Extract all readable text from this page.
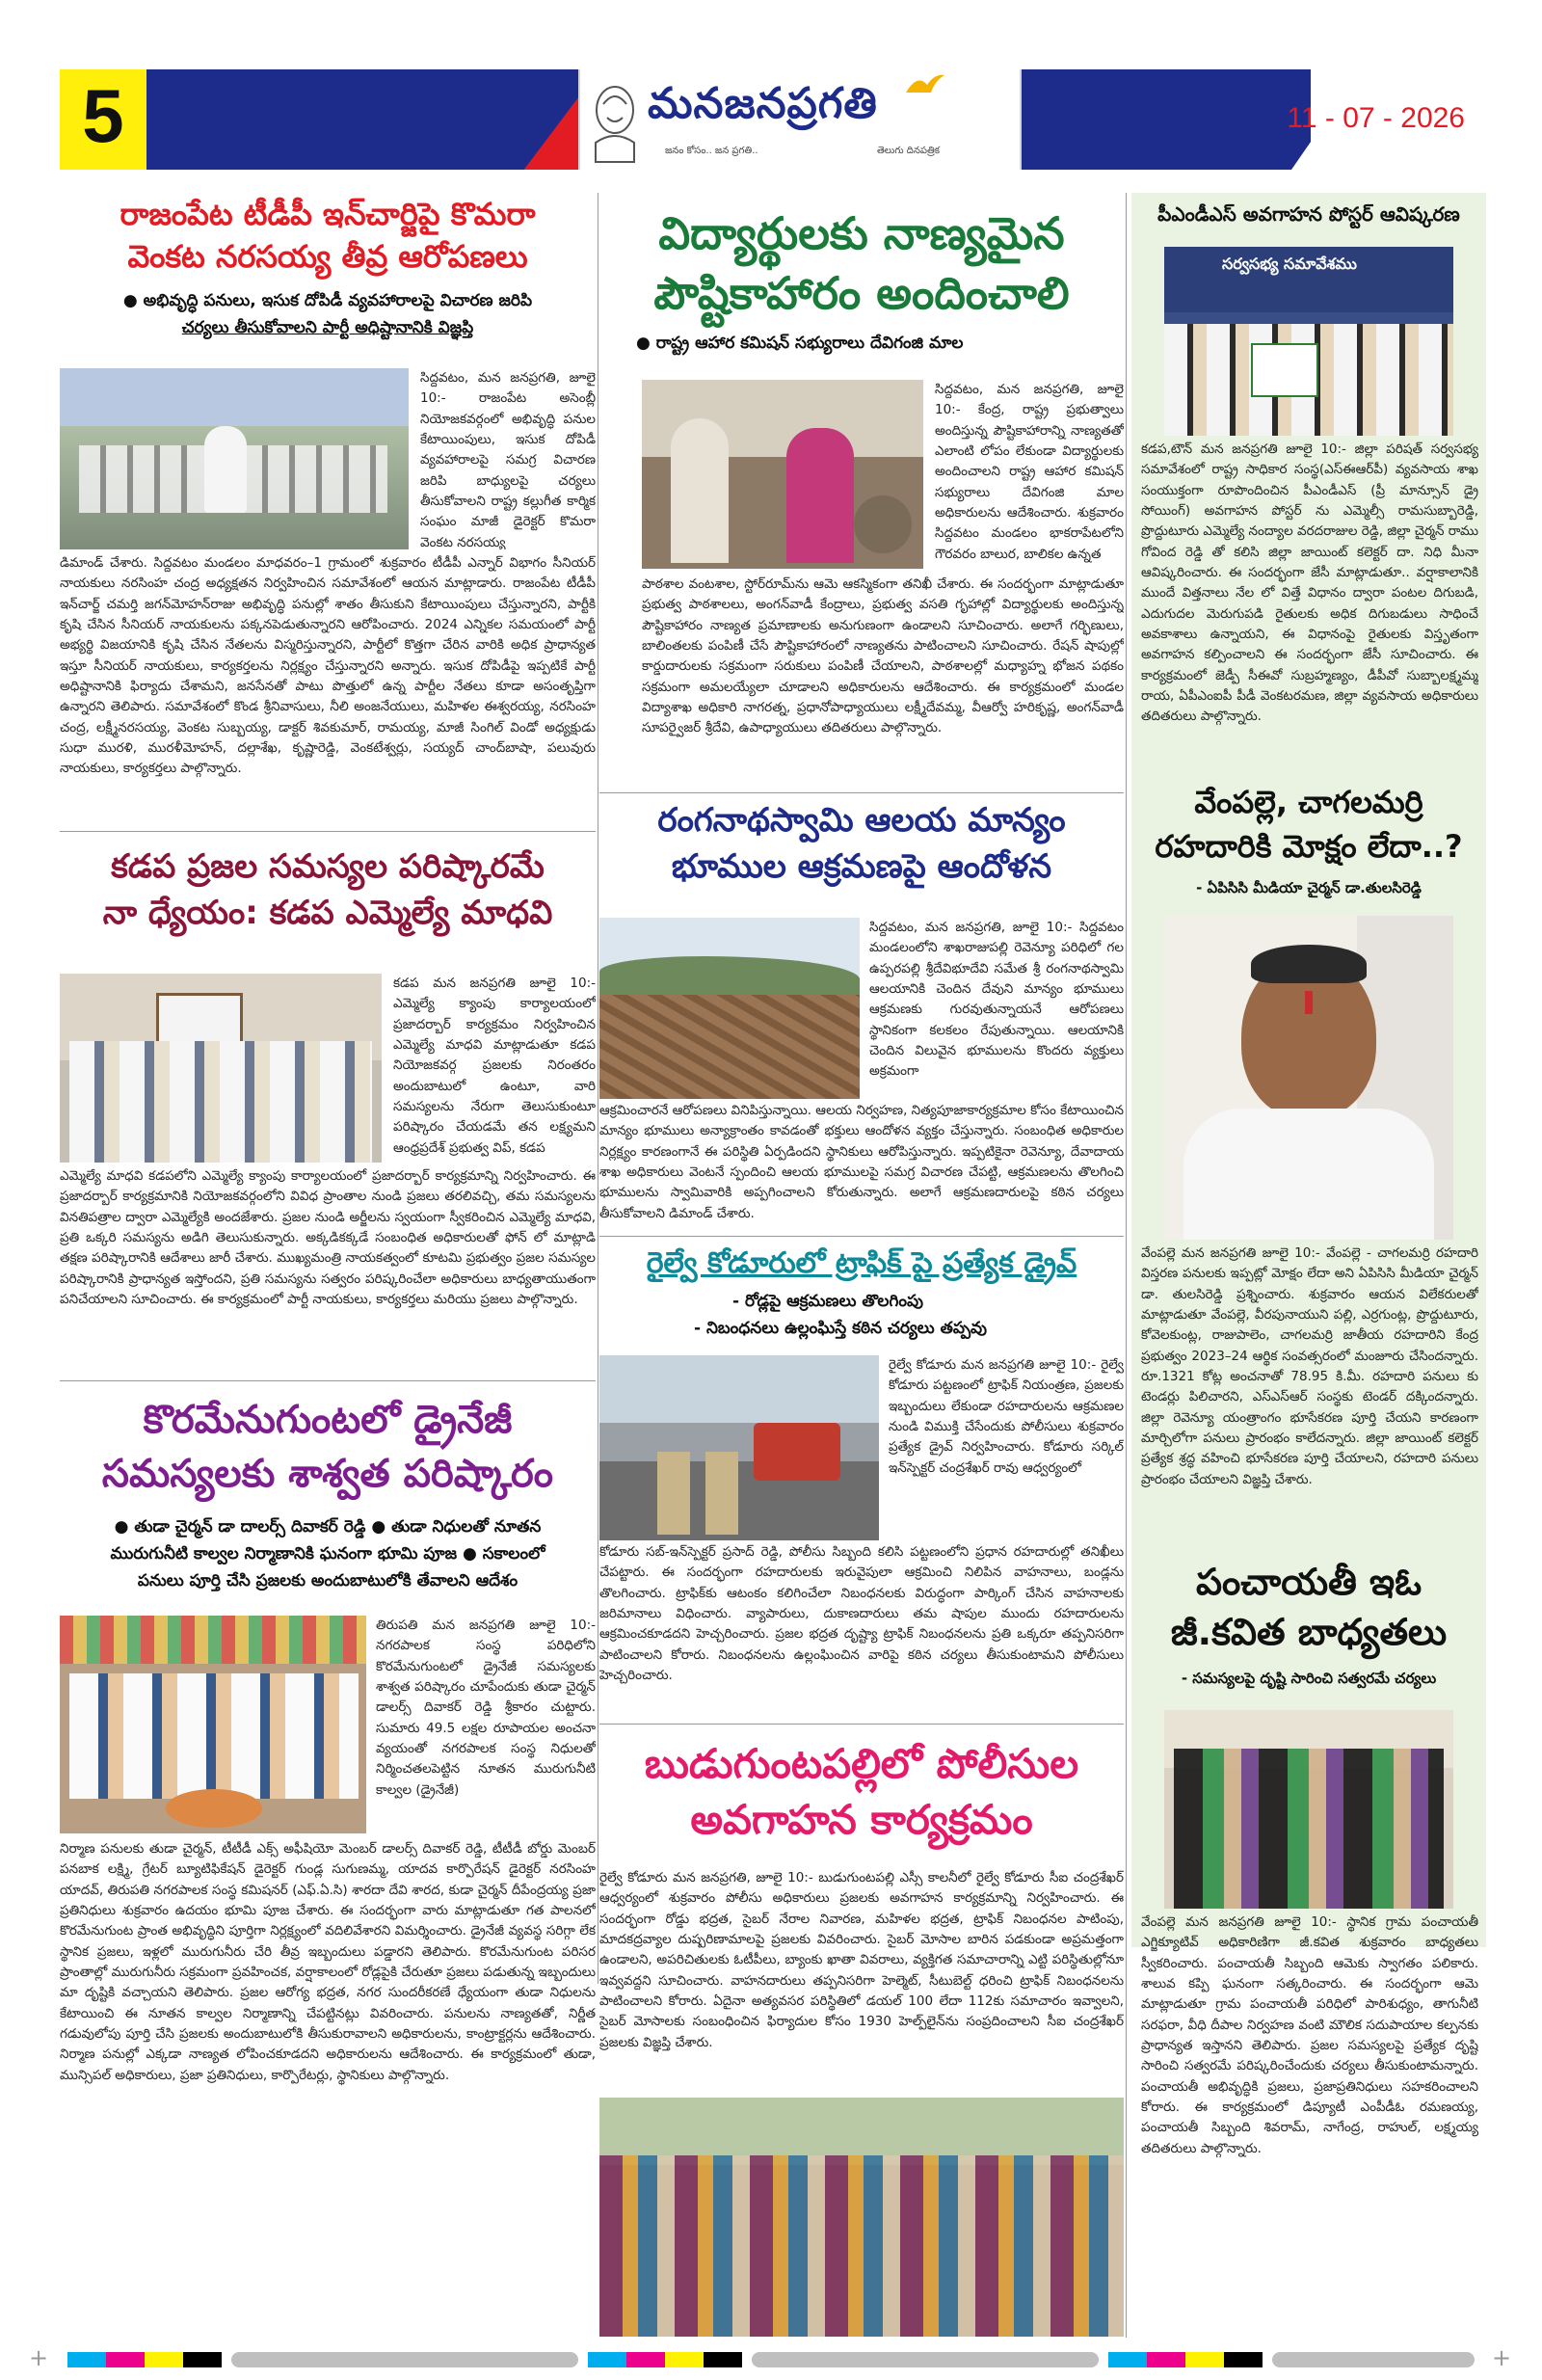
5	మనజనప్రగతి
జనం కోసం.. జన ప్రగతి..	తెలుగు దినపత్రిక
11 - 07 - 2026
రాజంపేట టీడీపీ ఇన్‌చార్జిపై కొమరా
వెంకట నరసయ్య తీవ్ర ఆరోపణలు
● అభివృద్ధి పనులు, ఇసుక దోపిడీ వ్యవహారాలపై విచారణ జరిపి
చర్యలు తీసుకోవాలని పార్టీ అధిష్టానానికి విజ్ఞప్తి
సిద్దవటం, మన జనప్రగతి, జూలై 10:- రాజంపేట అసెంబ్లీ నియోజకవర్గంలో అభివృద్ధి పనుల కేటాయింపులు, ఇసుక దోపిడీ వ్యవహారాలపై సమగ్ర విచారణ జరిపి బాధ్యులపై చర్యలు తీసుకోవాలని రాష్ట్ర కల్లుగీత కార్మిక సంఘం మాజీ డైరెక్టర్ కొమరా వెంకట నరసయ్య
డిమాండ్ చేశారు. సిద్దవటం మండలం మాధవరం–1 గ్రామంలో శుక్రవారం టీడీపీ ఎన్నార్ విభాగం సీనియర్ నాయకులు నరసింహ చంద్ర అధ్యక్షతన నిర్వహించిన సమావేశంలో ఆయన మాట్లాడారు. రాజంపేట టీడీపీ ఇన్‌చార్జ్ చమర్తి జగన్‌మోహన్‌రాజు అభివృద్ధి పనుల్లో శాతం తీసుకుని కేటాయింపులు చేస్తున్నారని, పార్టీకి కృషి చేసిన సీనియర్ నాయకులను పక్కనపెడుతున్నారని ఆరోపించారు. 2024 ఎన్నికల సమయంలో పార్టీ అభ్యర్థి విజయానికి కృషి చేసిన నేతలను విస్మరిస్తున్నారని, పార్టీలో కొత్తగా చేరిన వారికి అధిక ప్రాధాన్యత ఇస్తూ సీనియర్ నాయకులు, కార్యకర్తలను నిర్లక్ష్యం చేస్తున్నారని అన్నారు. ఇసుక దోపిడీపై ఇప్పటికే పార్టీ అధిష్టానానికి ఫిర్యాదు చేశామని, జనసేనతో పాటు పొత్తులో ఉన్న పార్టీల నేతలు కూడా అసంతృప్తిగా ఉన్నారని తెలిపారు. సమావేశంలో కొండ శ్రీనివాసులు, నీలి అంజనేయులు, మహిళల ఈశ్వరయ్య, నరసింహ చంద్ర, లక్ష్మీనరసయ్య, వెంకట సుబ్బయ్య, డాక్టర్ శివకుమార్, రామయ్య, మాజీ సింగిల్ విండో అధ్యక్షుడు సుధా మురళి, మురళీమోహన్, దల్లాశేఖ, కృష్ణారెడ్డి, వెంకటేశ్వర్లు, సయ్యద్ చాంద్‌బాషా, పలువురు నాయకులు, కార్యకర్తలు పాల్గొన్నారు.
కడప ప్రజల సమస్యల పరిష్కారమే
నా ధ్యేయం: కడప ఎమ్మెల్యే మాధవి
కడప మన జనప్రగతి జూలై 10:- ఎమ్మెల్యే క్యాంపు కార్యాలయంలో ప్రజాదర్బార్ కార్యక్రమం నిర్వహించిన ఎమ్మెల్యే మాధవి మాట్లాడుతూ కడప నియోజకవర్గ ప్రజలకు నిరంతరం అందుబాటులో ఉంటూ, వారి సమస్యలను నేరుగా తెలుసుకుంటూ పరిష్కారం చేయడమే తన లక్ష్యమని ఆంధ్రప్రదేశ్ ప్రభుత్వ విప్, కడప
ఎమ్మెల్యే మాధవి కడపలోని ఎమ్మెల్యే క్యాంపు కార్యాలయంలో ప్రజాదర్బార్ కార్యక్రమాన్ని నిర్వహించారు. ఈ ప్రజాదర్బార్ కార్యక్రమానికి నియోజకవర్గంలోని వివిధ ప్రాంతాల నుండి ప్రజలు తరలివచ్చి, తమ సమస్యలను వినతిపత్రాల ద్వారా ఎమ్మెల్యేకి అందజేశారు. ప్రజల నుండి అర్జీలను స్వయంగా స్వీకరించిన ఎమ్మెల్యే మాధవి, ప్రతి ఒక్కరి సమస్యను అడిగి తెలుసుకున్నారు. అక్కడికక్కడే సంబంధిత అధికారులతో ఫోన్ లో మాట్లాడి తక్షణ పరిష్కారానికి ఆదేశాలు జారీ చేశారు. ముఖ్యమంత్రి నాయకత్వంలో కూటమి ప్రభుత్వం ప్రజల సమస్యల పరిష్కారానికి ప్రాధాన్యత ఇస్తోందని, ప్రతి సమస్యను సత్వరం పరిష్కరించేలా అధికారులు బాధ్యతాయుతంగా పనిచేయాలని సూచించారు. ఈ కార్యక్రమంలో పార్టీ నాయకులు, కార్యకర్తలు మరియు ప్రజలు పాల్గొన్నారు.
కొరమేనుగుంటలో డ్రైనేజీ
సమస్యలకు శాశ్వత పరిష్కారం
● తుడా చైర్మన్ డా దాలర్స్ దివాకర్ రెడ్డి ● తుడా నిధులతో నూతన
మురుగునీటి కాల్వల నిర్మాణానికి ఘనంగా భూమి పూజ ● సకాలంలో
పనులు పూర్తి చేసి ప్రజలకు అందుబాటులోకి తేవాలని ఆదేశం
తిరుపతి మన జనప్రగతి జూలై 10:- నగరపాలక సంస్థ పరిధిలోని కొరమేనుగుంటలో డ్రైనేజీ సమస్యలకు శాశ్వత పరిష్కారం చూపేందుకు తుడా చైర్మన్ డాలర్స్ దివాకర్ రెడ్డి శ్రీకారం చుట్టారు. సుమారు 49.5 లక్షల రూపాయల అంచనా వ్యయంతో నగరపాలక సంస్థ నిధులతో నిర్మించతలపెట్టిన నూతన మురుగునీటి కాల్వల (డ్రైనేజీ)
నిర్మాణ పనులకు తుడా చైర్మన్, టీటీడీ ఎక్స్ అఫీషియో మెంబర్ డాలర్స్ దివాకర్ రెడ్డి, టీటీడీ బోర్డు మెంబర్ పనబాక లక్ష్మి, గ్రేటర్ బ్యూటిఫికేషన్ డైరెక్టర్ గుండ్ల సుగుణమ్మ, యాదవ కార్పొరేషన్ డైరెక్టర్ నరసింహ యాదవ్, తిరుపతి నగరపాలక సంస్థ కమిషనర్ (ఎఫ్.ఏ.సి) శారదా దేవి శారద, కుడా చైర్మన్ దీపేంద్రయ్య ప్రజా ప్రతినిధులు శుక్రవారం ఉదయం భూమి పూజ చేశారు. ఈ సందర్భంగా వారు మాట్లాడుతూ గత పాలనలో కొరమేనుగుంట ప్రాంత అభివృద్ధిని పూర్తిగా నిర్లక్ష్యంలో వదిలివేశారని విమర్శించారు. డ్రైనేజీ వ్యవస్థ సరిగ్గా లేక స్థానిక ప్రజలు, ఇళ్లలో మురుగునీరు చేరి తీవ్ర ఇబ్బందులు పడ్డారని తెలిపారు. కొరమేనుగుంట పరిసర ప్రాంతాల్లో మురుగునీరు సక్రమంగా ప్రవహించక, వర్షాకాలంలో రోడ్లపైకి చేరుతూ ప్రజలు పడుతున్న ఇబ్బందులు మా దృష్టికి వచ్చాయని తెలిపారు. ప్రజల ఆరోగ్య భద్రత, నగర సుందరీకరణే ధ్యేయంగా తుడా నిధులను కేటాయించి ఈ నూతన కాల్వల నిర్మాణాన్ని చేపట్టినట్లు వివరించారు. పనులను నాణ్యతతో, నిర్ణీత గడువులోపు పూర్తి చేసి ప్రజలకు అందుబాటులోకి తీసుకురావాలని అధికారులను, కాంట్రాక్టర్లను ఆదేశించారు. నిర్మాణ పనుల్లో ఎక్కడా నాణ్యత లోపించకూడదని అధికారులను ఆదేశించారు. ఈ కార్యక్రమంలో తుడా, మున్సిపల్ అధికారులు, ప్రజా ప్రతినిధులు, కార్పొరేటర్లు, స్థానికులు పాల్గొన్నారు.
విద్యార్థులకు నాణ్యమైన
పౌష్టికాహారం అందించాలి
● రాష్ట్ర ఆహార కమిషన్ సభ్యురాలు దేవిగంజి మాల
సిద్దవటం, మన జనప్రగతి, జూలై 10:- కేంద్ర, రాష్ట్ర ప్రభుత్వాలు అందిస్తున్న పౌష్టికాహారాన్ని నాణ్యతతో ఎలాంటి లోపం లేకుండా విద్యార్థులకు అందించాలని రాష్ట్ర ఆహార కమిషన్ సభ్యురాలు దేవిగంజి మాల అధికారులను ఆదేశించారు. శుక్రవారం సిద్దవటం మండలం భాకరాపేటలోని గౌరవరం బాలుర, బాలికల ఉన్నత
పాఠశాల వంటశాల, స్టోర్‌రూమ్‌ను ఆమె ఆకస్మికంగా తనిఖీ చేశారు. ఈ సందర్భంగా మాట్లాడుతూ ప్రభుత్వ పాఠశాలలు, అంగన్‌వాడీ కేంద్రాలు, ప్రభుత్వ వసతి గృహాల్లో విద్యార్థులకు అందిస్తున్న పౌష్టికాహారం నాణ్యత ప్రమాణాలకు అనుగుణంగా ఉండాలని సూచించారు. అలాగే గర్భిణులు, బాలింతలకు పంపిణీ చేసే పౌష్టికాహారంలో నాణ్యతను పాటించాలని సూచించారు. రేషన్ షాపుల్లో కార్డుదారులకు సక్రమంగా సరుకులు పంపిణీ చేయాలని, పాఠశాలల్లో మధ్యాహ్న భోజన పథకం సక్రమంగా అమలయ్యేలా చూడాలని అధికారులను ఆదేశించారు. ఈ కార్యక్రమంలో మండల విద్యాశాఖ అధికారి నాగరత్న, ప్రధానోపాధ్యాయులు లక్ష్మీదేవమ్మ, వీఆర్వో హరికృష్ణ, అంగన్‌వాడీ సూపర్వైజర్ శ్రీదేవి, ఉపాధ్యాయులు తదితరులు పాల్గొన్నారు.
రంగనాథస్వామి ఆలయ మాన్యం
భూముల ఆక్రమణపై ఆందోళన
సిద్దవటం, మన జనప్రగతి, జూలై 10:- సిద్దవటం మండలంలోని శాఖరాజుపల్లి రెవెన్యూ పరిధిలో గల ఉప్పరపల్లి శ్రీదేవిభూదేవి సమేత శ్రీ రంగనాథస్వామి ఆలయానికి చెందిన దేవుని మాన్యం భూములు ఆక్రమణకు గురవుతున్నాయనే ఆరోపణలు స్థానికంగా కలకలం రేపుతున్నాయి. ఆలయానికి చెందిన విలువైన భూములను కొందరు వ్యక్తులు అక్రమంగా
ఆక్రమించారనే ఆరోపణలు వినిపిస్తున్నాయి. ఆలయ నిర్వహణ, నిత్యపూజాకార్యక్రమాల కోసం కేటాయించిన మాన్యం భూములు అన్యాక్రాంతం కావడంతో భక్తులు ఆందోళన వ్యక్తం చేస్తున్నారు. సంబంధిత అధికారుల నిర్లక్ష్యం కారణంగానే ఈ పరిస్థితి ఏర్పడిందని స్థానికులు ఆరోపిస్తున్నారు. ఇప్పటికైనా రెవెన్యూ, దేవాదాయ శాఖ అధికారులు వెంటనే స్పందించి ఆలయ భూములపై సమగ్ర విచారణ చేపట్టి, ఆక్రమణలను తొలగించి భూములను స్వామివారికి అప్పగించాలని కోరుతున్నారు. అలాగే ఆక్రమణదారులపై కఠిన చర్యలు తీసుకోవాలని డిమాండ్ చేశారు.
రైల్వే కోడూరులో ట్రాఫిక్ పై ప్రత్యేక డ్రైవ్
- రోడ్లపై ఆక్రమణలు తొలగింపు
- నిబంధనలు ఉల్లంఘిస్తే కఠిన చర్యలు తప్పవు
రైల్వే కోడూరు మన జనప్రగతి జూలై 10:- రైల్వే కోడూరు పట్టణంలో ట్రాఫిక్ నియంత్రణ, ప్రజలకు ఇబ్బందులు లేకుండా రహదారులను ఆక్రమణల నుండి విముక్తి చేసేందుకు పోలీసులు శుక్రవారం ప్రత్యేక డ్రైవ్ నిర్వహించారు. కోడూరు సర్కిల్ ఇన్‌స్పెక్టర్ చంద్రశేఖర్ రావు ఆధ్వర్యంలో
కోడూరు సబ్-ఇన్‌స్పెక్టర్ ప్రసాద్ రెడ్డి, పోలీసు సిబ్బంది కలిసి పట్టణంలోని ప్రధాన రహదారుల్లో తనిఖీలు చేపట్టారు. ఈ సందర్భంగా రహదారులకు ఇరువైపులా ఆక్రమించి నిలిపిన వాహనాలు, బండ్లను తొలగించారు. ట్రాఫిక్‌కు ఆటంకం కలిగించేలా నిబంధనలకు విరుద్ధంగా పార్కింగ్ చేసిన వాహనాలకు జరిమానాలు విధించారు. వ్యాపారులు, దుకాణదారులు తమ షాపుల ముందు రహదారులను ఆక్రమించకూడదని హెచ్చరించారు. ప్రజల భద్రత దృష్ట్యా ట్రాఫిక్ నిబంధనలను ప్రతి ఒక్కరూ తప్పనిసరిగా పాటించాలని కోరారు. నిబంధనలను ఉల్లంఘించిన వారిపై కఠిన చర్యలు తీసుకుంటామని పోలీసులు హెచ్చరించారు.
బుడుగుంటపల్లిలో పోలీసుల
అవగాహన కార్యక్రమం
రైల్వే కోడూరు మన జనప్రగతి, జూలై 10:- బుడుగుంటపల్లి ఎస్సీ కాలనీలో రైల్వే కోడూరు సీఐ చంద్రశేఖర్ ఆధ్వర్యంలో శుక్రవారం పోలీసు అధికారులు ప్రజలకు అవగాహన కార్యక్రమాన్ని నిర్వహించారు. ఈ సందర్భంగా రోడ్డు భద్రత, సైబర్ నేరాల నివారణ, మహిళల భద్రత, ట్రాఫిక్ నిబంధనల పాటింపు, మాదకద్రవ్యాల దుష్పరిణామాలపై ప్రజలకు వివరించారు. సైబర్ మోసాల బారిన పడకుండా అప్రమత్తంగా ఉండాలని, అపరిచితులకు ఓటీపీలు, బ్యాంకు ఖాతా వివరాలు, వ్యక్తిగత సమాచారాన్ని ఎట్టి పరిస్థితుల్లోనూ ఇవ్వవద్దని సూచించారు. వాహనదారులు తప్పనిసరిగా హెల్మెట్, సీటుబెల్ట్ ధరించి ట్రాఫిక్ నిబంధనలను పాటించాలని కోరారు. ఏదైనా అత్యవసర పరిస్థితిలో డయల్ 100 లేదా 112కు సమాచారం ఇవ్వాలని, సైబర్ మోసాలకు సంబంధించిన ఫిర్యాదుల కోసం 1930 హెల్ప్‌లైన్‌ను సంప్రదించాలని సీఐ చంద్రశేఖర్ ప్రజలకు విజ్ఞప్తి చేశారు.
పీఎండీఎస్ అవగాహన పోస్టర్ ఆవిష్కరణ
సర్వసభ్య సమావేశము
కడప,టౌన్ మన జనప్రగతి జూలై 10:- జిల్లా పరిషత్ సర్వసభ్య సమావేశంలో రాష్ట్ర సాధికార సంస్థ(ఎస్‌ఈఆర్‌పీ) వ్యవసాయ శాఖ సంయుక్తంగా రూపొందించిన పీఎండీఎస్ (ప్రీ మాన్సూన్ డ్రై సోయింగ్) అవగాహన పోస్టర్ ను ఎమ్మెల్సీ రామసుబ్బారెడ్డి, ప్రొద్దుటూరు ఎమ్మెల్యే నంద్యాల వరదరాజుల రెడ్డి, జిల్లా చైర్మన్ రాము గోవింద రెడ్డి తో కలిసి జిల్లా జాయింట్ కలెక్టర్ దా. నిధి మీనా ఆవిష్కరించారు. ఈ సందర్భంగా జేసీ మాట్లాడుతూ.. వర్షాకాలానికి ముందే విత్తనాలు నేల లో విత్తే విధానం ద్వారా పంటల దిగుబడి, ఎదుగుదల మెరుగుపడి రైతులకు అధిక దిగుబడులు సాధించే అవకాశాలు ఉన్నాయని, ఈ విధానంపై రైతులకు విస్తృతంగా అవగాహన కల్పించాలని ఈ సందర్భంగా జేసీ సూచించారు. ఈ కార్యక్రమంలో జెడ్పీ సీఈవో సుబ్రహ్మణ్యం, డీపీవో సుబ్బాలక్ష్మమ్మ రాయ, ఏపీఎంఐపీ పీడీ వెంకటరమణ, జిల్లా వ్యవసాయ అధికారులు తదితరులు పాల్గొన్నారు.
వేంపల్లె, చాగలమర్రి
రహదారికి మోక్షం లేదా..?
- ఏపిసిసి మీడియా చైర్మన్ డా.తులసిరెడ్డి
వేంపల్లె మన జనప్రగతి జూలై 10:- వేంపల్లె - చాగలమర్రి రహదారి విస్తరణ పనులకు ఇప్పట్లో మోక్షం లేదా అని ఏపిసిసి మీడియా చైర్మన్ డా. తులసిరెడ్డి ప్రశ్నించారు. శుక్రవారం ఆయన విలేకరులతో మాట్లాడుతూ వేంపల్లె, వీరపునాయుని పల్లి, ఎర్రగుంట్ల, ప్రొద్దుటూరు, కోవెలకుంట్ల, రాజుపాలెం, చాగలమర్రి జాతీయ రహదారిని కేంద్ర ప్రభుత్వం 2023–24 ఆర్థిక సంవత్సరంలో మంజూరు చేసిందన్నారు. రూ.1321 కోట్ల అంచనాతో 78.95 కి.మీ. రహదారి పనులు కు టెండర్లు పిలిచారని, ఎస్‌ఎస్‌ఆర్ సంస్థకు టెండర్ దక్కిందన్నారు. జిల్లా రెవెన్యూ యంత్రాంగం భూసేకరణ పూర్తి చేయని కారణంగా మార్చిలోగా పనులు ప్రారంభం కాలేదన్నారు. జిల్లా జాయింట్ కలెక్టర్ ప్రత్యేక శ్రద్ధ వహించి భూసేకరణ పూర్తి చేయాలని, రహదారి పనులు ప్రారంభం చేయాలని విజ్ఞప్తి చేశారు.
పంచాయతీ ఇఓ
జీ.కవిత బాధ్యతలు
- సమస్యలపై దృష్టి సారించి సత్వరమే చర్యలు
వేంపల్లె మన జనప్రగతి జూలై 10:- స్థానిక గ్రామ పంచాయతీ ఎగ్జిక్యూటివ్ అధికారిణిగా జీ.కవిత శుక్రవారం బాధ్యతలు స్వీకరించారు. పంచాయతీ సిబ్బంది ఆమెకు స్వాగతం పలికారు. శాలువ కప్పి ఘనంగా సత్కరించారు. ఈ సందర్భంగా ఆమె మాట్లాడుతూ గ్రామ పంచాయతీ పరిధిలో పారిశుధ్యం, తాగునీటి సరఫరా, వీధి దీపాల నిర్వహణ వంటి మౌలిక సదుపాయాల కల్పనకు ప్రాధాన్యత ఇస్తానని తెలిపారు. ప్రజల సమస్యలపై ప్రత్యేక దృష్టి సారించి సత్వరమే పరిష్కరించేందుకు చర్యలు తీసుకుంటామన్నారు. పంచాయతీ అభివృద్ధికి ప్రజలు, ప్రజాప్రతినిధులు సహకరించాలని కోరారు. ఈ కార్యక్రమంలో డిప్యూటీ ఎంపీడీఓ రమణయ్య, పంచాయతీ సిబ్బంది శివరామ్, నాగేంద్ర, రాహుల్, లక్ష్మయ్య తదితరులు పాల్గొన్నారు.
+	+
